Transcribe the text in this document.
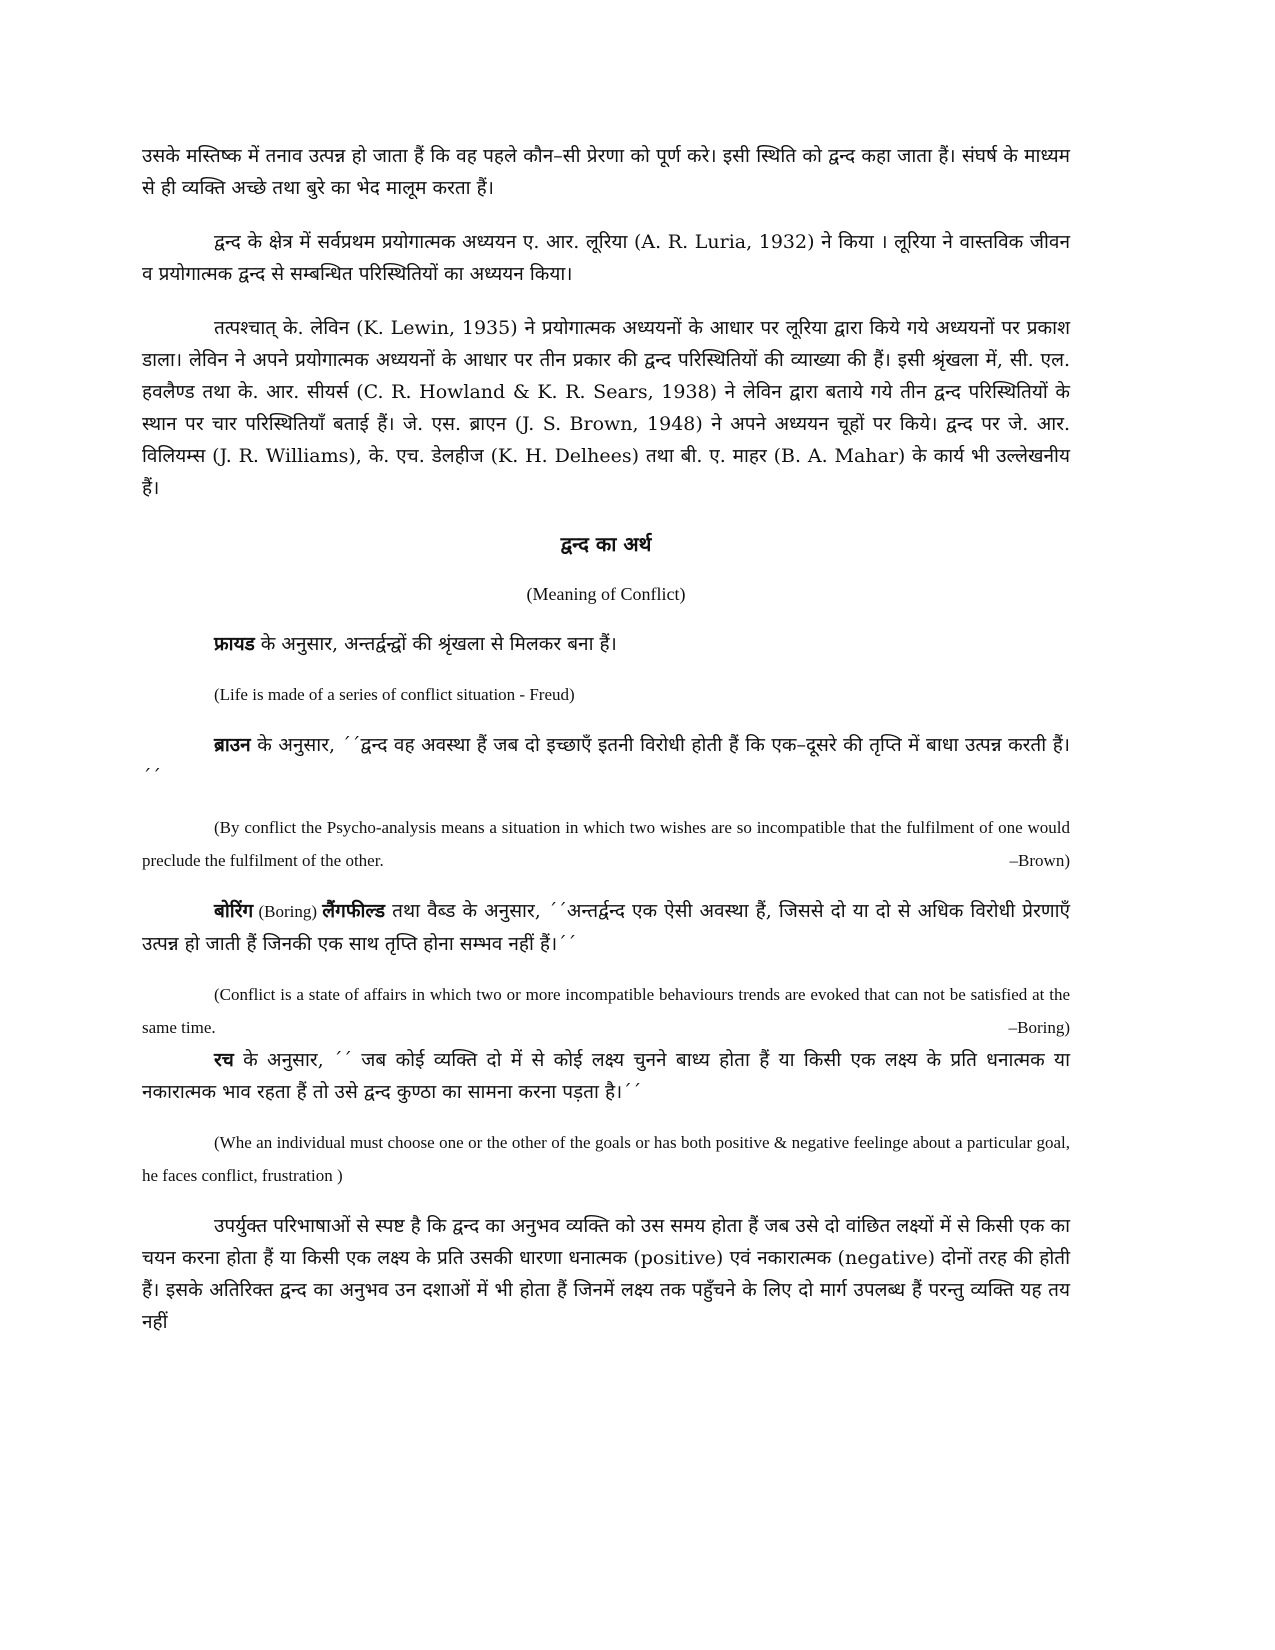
उसके मस्तिष्क में तनाव उत्पन्न हो जाता हैं कि वह पहले कौन–सी प्रेरणा को पूर्ण करे। इसी स्थिति को द्वन्द कहा जाता हैं। संघर्ष के माध्यम से ही व्यक्ति अच्छे तथा बुरे का भेद मालूम करता हैं।

द्वन्द के क्षेत्र में सर्वप्रथम प्रयोगात्मक अध्ययन ए. आर. लूरिया (A. R. Luria, 1932) ने किया । लूरिया ने वास्तविक जीवन व प्रयोगात्मक द्वन्द से सम्बन्धित परिस्थितियों का अध्ययन किया।

तत्पश्चात् के. लेविन (K. Lewin, 1935) ने प्रयोगात्मक अध्ययनों के आधार पर लूरिया द्वारा किये गये अध्ययनों पर प्रकाश डाला। लेविन ने अपने प्रयोगात्मक अध्ययनों के आधार पर तीन प्रकार की द्वन्द परिस्थितियों की व्याख्या की हैं। इसी श्रृंखला में, सी. एल. हवलैण्ड तथा के. आर. सीयर्स (C. R. Howland & K. R. Sears, 1938) ने लेविन द्वारा बताये गये तीन द्वन्द परिस्थितियों के स्थान पर चार परिस्थितियाँ बताई हैं। जे. एस. ब्राएन (J. S. Brown, 1948) ने अपने अध्ययन चूहों पर किये। द्वन्द पर जे. आर. विलियम्स (J. R. Williams), के. एच. डेलहीज (K. H. Delhees) तथा बी. ए. माहर (B. A. Mahar) के कार्य भी उल्लेखनीय हैं।

द्वन्द का अर्थ

(Meaning of Conflict)

फ्रायड के अनुसार, अन्तर्द्वन्द्वों की श्रृंखला से मिलकर बना हैं।

(Life is made of a series of conflict situation - Freud)

ब्राउन के अनुसार, ´´द्वन्द वह अवस्था हैं जब दो इच्छाएँ इतनी विरोधी होती हैं कि एक–दूसरे की तृप्ति में बाधा उत्पन्न करती हैं।´´

(By conflict the Psycho-analysis means a situation in which two wishes are so incompatible that the fulfilment of one would preclude the fulfilment of the other.	–Brown)

बोरिंग (Boring) लैंगफील्ड तथा वैब्ड के अनुसार, ´´अन्तर्द्वन्द एक ऐसी अवस्था हैं, जिससे दो या दो से अधिक विरोधी प्रेरणाएँ उत्पन्न हो जाती हैं जिनकी एक साथ तृप्ति होना सम्भव नहीं हैं।´´

(Conflict is a state of affairs in which two or more incompatible behaviours trends are evoked that can not be satisfied at the same time.	–Boring)

रच के अनुसार, ´´ जब कोई व्यक्ति दो में से कोई लक्ष्य चुनने बाध्य होता हैं या किसी एक लक्ष्य के प्रति धनात्मक या नकारात्मक भाव रहता हैं तो उसे द्वन्द कुण्ठा का सामना करना पड़ता है।´´

(Whe an individual must choose one or the other of the goals or has both positive & negative feelinge about a particular goal, he faces conflict, frustration )

उपर्युक्त परिभाषाओं से स्पष्ट है कि द्वन्द का अनुभव व्यक्ति को उस समय होता हैं जब उसे दो वांछित लक्ष्यों में से किसी एक का चयन करना होता हैं या किसी एक लक्ष्य के प्रति उसकी धारणा धनात्मक (positive) एवं नकारात्मक (negative) दोनों तरह की होती हैं। इसके अतिरिक्त द्वन्द का अनुभव उन दशाओं में भी होता हैं जिनमें लक्ष्य तक पहुँचने के लिए दो मार्ग उपलब्ध हैं परन्तु व्यक्ति यह तय नहीं
